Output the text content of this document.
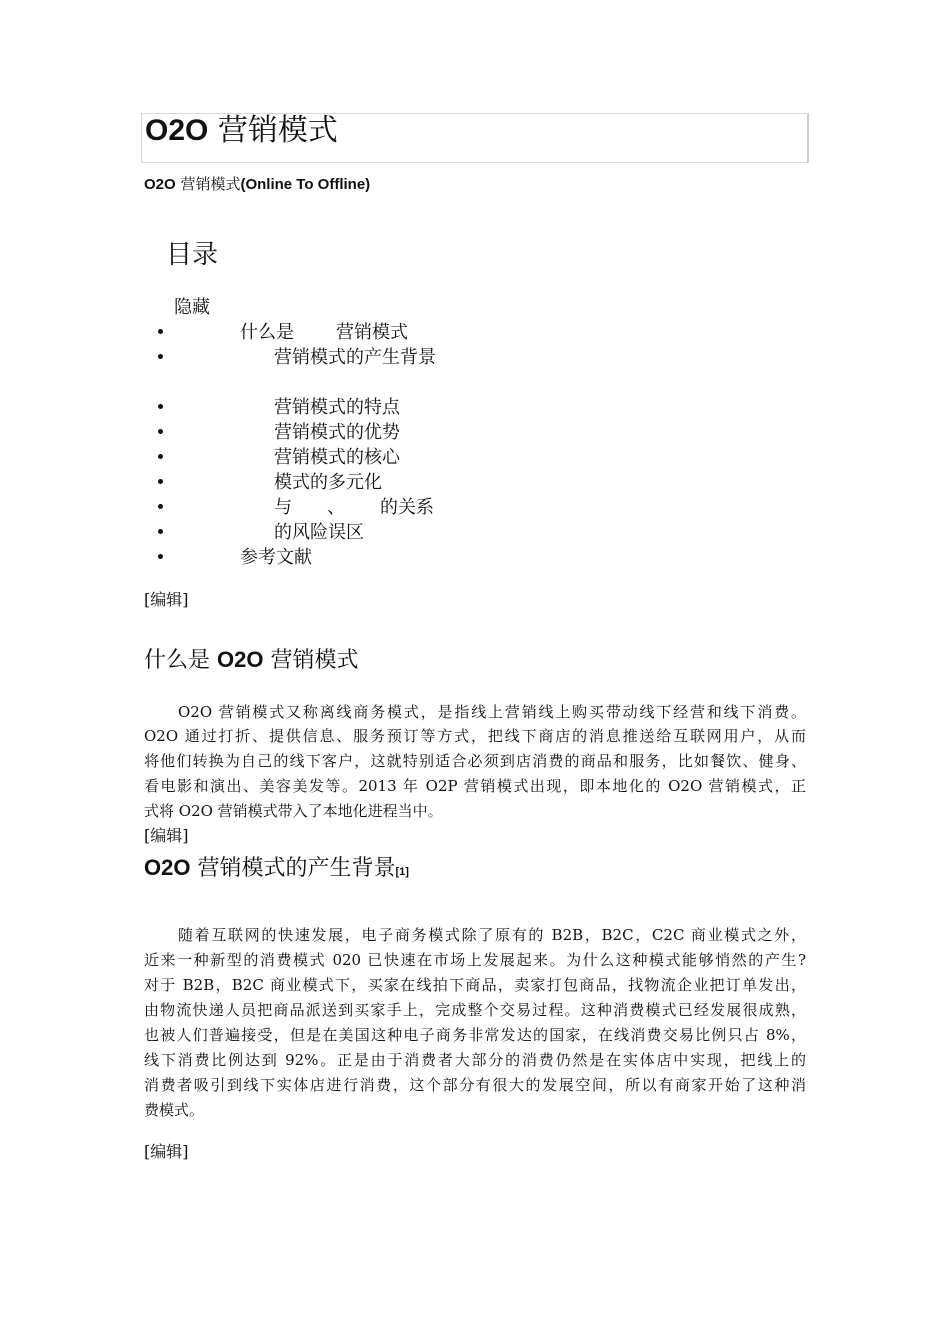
O2O 营销模式
O2O 营销模式(Online To Offline)
目录
隐藏
什么是 营销模式
营销模式的产生背景
营销模式的特点
营销模式的优势
营销模式的核心
模式的多元化
与 、 的关系
的风险误区
参考文献
[编辑]
什么是 O2O 营销模式
O2O 营销模式又称离线商务模式，是指线上营销线上购买带动线下经营和线下消费。
O2O 通过打折、提供信息、服务预订等方式，把线下商店的消息推送给互联网用户，从而
将他们转换为自己的线下客户，这就特别适合必须到店消费的商品和服务，比如餐饮、健身、
看电影和演出、美容美发等。2013 年 O2P 营销模式出现，即本地化的 O2O 营销模式，正
式将 O2O 营销模式带入了本地化进程当中。
[编辑]
O2O 营销模式的产生背景[1]
随着互联网的快速发展，电子商务模式除了原有的 B2B，B2C，C2C 商业模式之外，
近来一种新型的消费模式 020 已快速在市场上发展起来。为什么这种模式能够悄然的产生?
对于 B2B，B2C 商业模式下，买家在线拍下商品，卖家打包商品，找物流企业把订单发出，
由物流快递人员把商品派送到买家手上，完成整个交易过程。这种消费模式已经发展很成熟，
也被人们普遍接受，但是在美国这种电子商务非常发达的国家，在线消费交易比例只占 8%，
线下消费比例达到 92%。正是由于消费者大部分的消费仍然是在实体店中实现，把线上的
消费者吸引到线下实体店进行消费，这个部分有很大的发展空间，所以有商家开始了这种消
费模式。
[编辑]
